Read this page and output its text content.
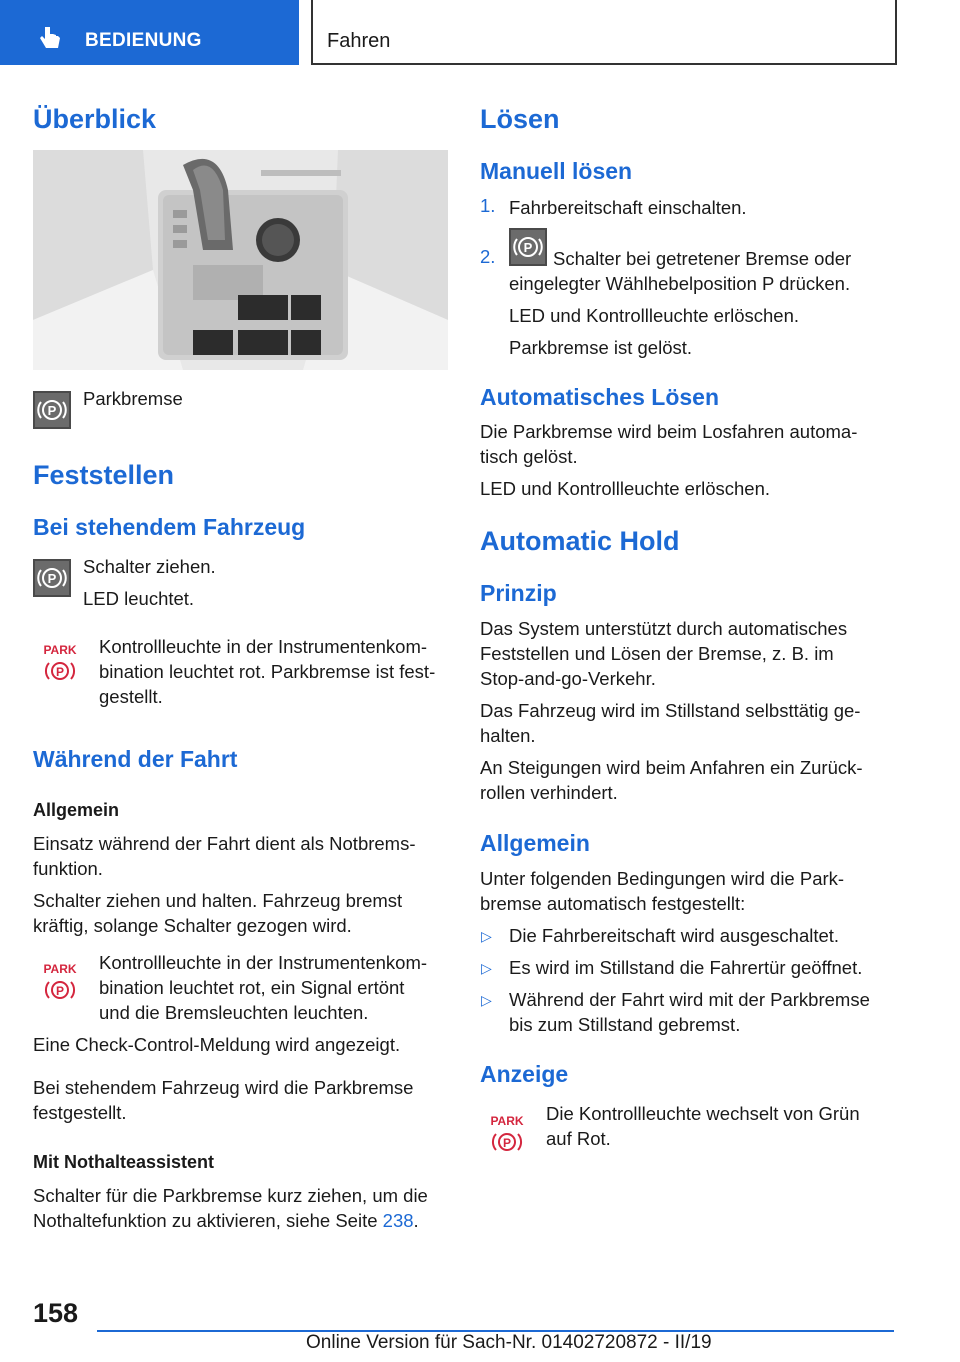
BEDIENUNG	Fahren
Überblick
P
Parkbremse
Feststellen
Bei stehendem Fahrzeug
P
Schalter ziehen.
LED leuchtet.
PARK
P
Kontrollleuchte in der Instrumentenkom‐
bination leuchtet rot. Parkbremse ist fest‐
gestellt.
Während der Fahrt
Allgemein
Einsatz während der Fahrt dient als Notbrems‐
funktion.
Schalter ziehen und halten. Fahrzeug bremst
kräftig, solange Schalter gezogen wird.
PARK
P
Kontrollleuchte in der Instrumentenkom‐
bination leuchtet rot, ein Signal ertönt
und die Bremsleuchten leuchten.
Eine Check-Control-Meldung wird angezeigt.
Bei stehendem Fahrzeug wird die Parkbremse
festgestellt.
Mit Nothalteassistent
Schalter für die Parkbremse kurz ziehen, um die
Nothaltefunktion zu aktivieren, siehe Seite 238.
Lösen
Manuell lösen
1. Fahrbereitschaft einschalten.
2. P
Schalter bei getretener Bremse oder
eingelegter Wählhebelposition P drücken.
LED und Kontrollleuchte erlöschen.
Parkbremse ist gelöst.
Automatisches Lösen
Die Parkbremse wird beim Losfahren automa‐
tisch gelöst.
LED und Kontrollleuchte erlöschen.
Automatic Hold
Prinzip
Das System unterstützt durch automatisches
Feststellen und Lösen der Bremse, z. B. im
Stop-and-go-Verkehr.
Das Fahrzeug wird im Stillstand selbsttätig ge‐
halten.
An Steigungen wird beim Anfahren ein Zurück‐
rollen verhindert.
Allgemein
Unter folgenden Bedingungen wird die Park‐
bremse automatisch festgestellt:
▷ Die Fahrbereitschaft wird ausgeschaltet.
▷ Es wird im Stillstand die Fahrertür geöffnet.
▷ Während der Fahrt wird mit der Parkbremse
bis zum Stillstand gebremst.
Anzeige
PARK
P
Die Kontrollleuchte wechselt von Grün
auf Rot.
158
Online Version für Sach-Nr. 01402720872 - II/19
